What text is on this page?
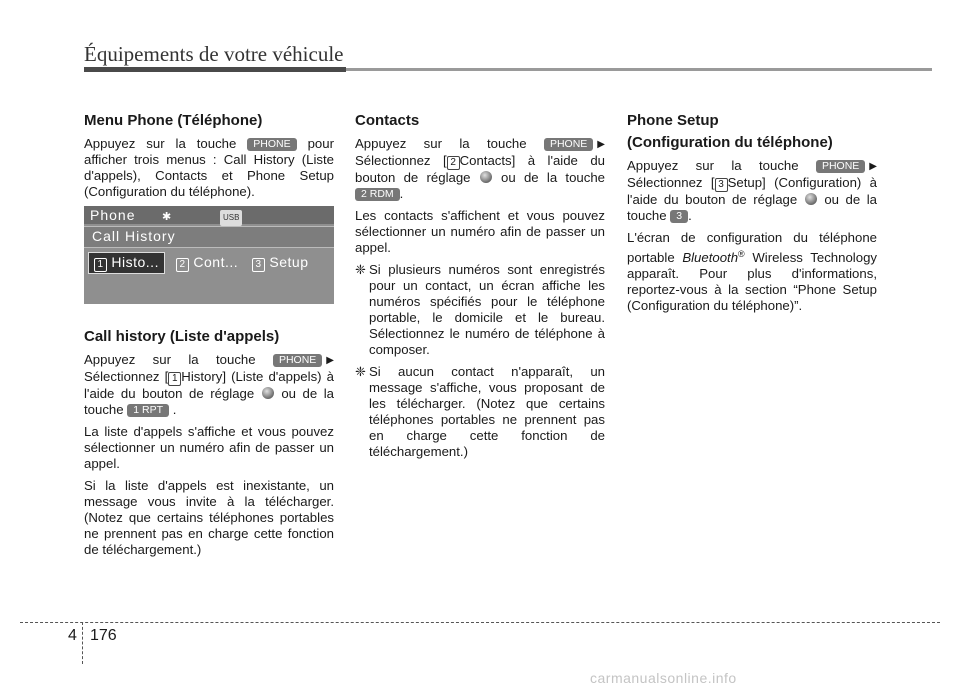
Équipements de votre véhicule
Menu Phone (Téléphone)

Appuyez sur la touche PHONE pour afficher trois menus : Call History (Liste d'appels), Contacts et Phone Setup (Configuration du téléphone).

Phone ✱	USB
Call History
1 Histo...	2 Cont...	3 Setup
Call history (Liste d'appels)

Appuyez sur la touche PHONE ▶ Sélectionnez [ 1 History] (Liste d'appels) à l'aide du bouton de réglage ou de la touche 1 RPT .

La liste d'appels s'affiche et vous pouvez sélectionner un numéro afin de passer un appel.

Si la liste d'appels est inexistante, un message vous invite à la télécharger. (Notez que certains téléphones portables ne prennent pas en charge cette fonction de téléchargement.)

Contacts

Appuyez sur la touche PHONE ▶ Sélectionnez [ 2 Contacts] à l'aide du bouton de réglage ou de la touche 2 RDM .

Les contacts s'affichent et vous pouvez sélectionner un numéro afin de passer un appel.

❈ Si plusieurs numéros sont enregistrés pour un contact, un écran affiche les numéros spécifiés pour le téléphone portable, le domicile et le bureau. Sélectionnez le numéro de téléphone à composer.
❈ Si aucun contact n'apparaît, un message s'affiche, vous proposant de les télécharger. (Notez que certains téléphones portables ne prennent pas en charge cette fonction de téléchargement.)
Phone Setup
(Configuration du téléphone)

Appuyez sur la touche PHONE ▶ Sélectionnez [ 3 Setup] (Configuration) à l'aide du bouton de réglage ou de la touche 3 .

L'écran de configuration du téléphone portable Bluetooth® Wireless Technology apparaît. Pour plus d'informations, reportez-vous à la section “Phone Setup (Configuration du téléphone)”.

4 176
carmanualsonline.info
